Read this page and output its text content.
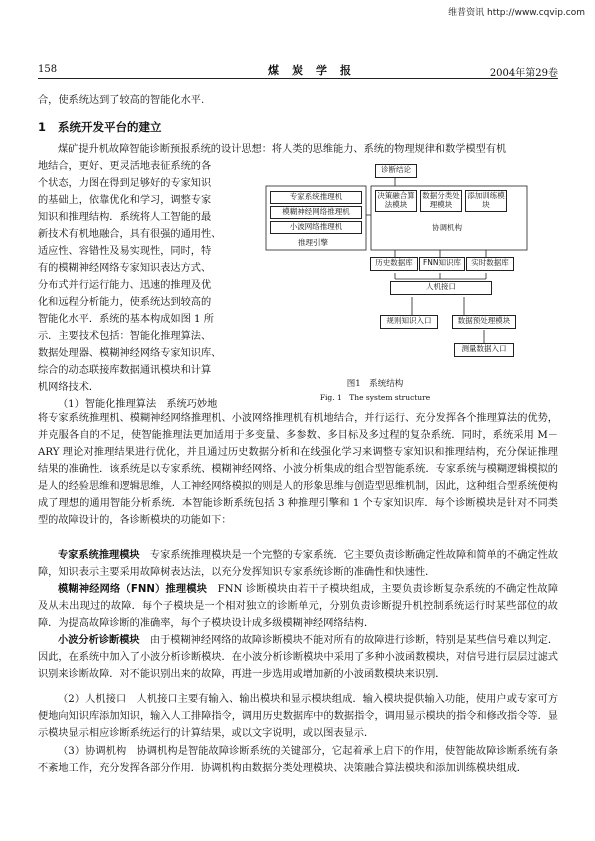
维普资讯 http://www.cqvip.com
158	煤炭学报	2004年第29卷
合，使系统达到了较高的智能化水平.
1 系统开发平台的建立
煤矿提升机故障智能诊断预报系统的设计思想：将人类的思维能力、系统的物理规律和数学模型有机
地结合，更好、更灵活地表征系统的各
个状态，力图在得到足够好的专家知识
的基础上，依靠优化和学习，调整专家
知识和推理结构．系统将人工智能的最
新技术有机地融合，具有很强的通用性、
适应性、容错性及易实现性，同时，特
有的模糊神经网络专家知识表达方式、
分布式并行运行能力、迅速的推理及优
化和远程分析能力，使系统达到较高的
智能化水平．系统的基本构成如图 1 所
示．主要技术包括：智能化推理算法、
数据处理器、模糊神经网络专家知识库、
综合的动态联接库数据通讯模块和计算
机网络技术．
（1）智能化推理算法　系统巧妙地
诊断结论
专家系统推理机
模糊神经网络推理机
小波网络推理机
推理引擎
决策融合算法模块
数据分类处理模块
添加训练模块
协调机构
历史数据库	FNN知识库	实时数据库
人机接口
规则知识入口	数据预处理模块
测量数据入口
图1　系统结构
Fig. 1　The system structure
将专家系统推理机、模糊神经网络推理机、小波网络推理机有机地结合，并行运行、充分发挥各个推理算法的优势，并克服各自的不足，使智能推理法更加适用于多变量、多参数、多目标及多过程的复杂系统．同时，系统采用 M－ARY 理论对推理结果进行优化，并且通过历史数据分析和在线强化学习来调整专家知识和推理结构，充分保证推理结果的准确性．该系统是以专家系统、模糊神经网络、小波分析集成的组合型智能系统．专家系统与模糊逻辑模拟的是人的经验思维和逻辑思维，人工神经网络模拟的则是人的形象思维与创造型思维机制，因此，这种组合型系统便构成了理想的通用智能分析系统．本智能诊断系统包括 3 种推理引擎和 1 个专家知识库．每个诊断模块是针对不同类型的故障设计的，各诊断模块的功能如下：
专家系统推理模块　 专家系统推理模块是一个完整的专家系统．它主要负责诊断确定性故障和简单的不确定性故障，知识表示主要采用故障树表达法，以充分发挥知识专家系统诊断的准确性和快速性．
模糊神经网络（FNN）推理模块　 FNN 诊断模块由若干子模块组成，主要负责诊断复杂系统的不确定性故障及从未出现过的故障．每个子模块是一个相对独立的诊断单元，分别负责诊断提升机控制系统运行时某些部位的故障．为提高故障诊断的准确率，每个子模块设计成多级模糊神经网络结构．
小波分析诊断模块　 由于模糊神经网络的故障诊断模块不能对所有的故障进行诊断，特别是某些信号难以判定．因此，在系统中加入了小波分析诊断模块．在小波分析诊断模块中采用了多种小波函数模块，对信号进行层层过滤式识别来诊断故障．对不能识别出来的故障，再进一步选用或增加新的小波函数模块来识别．
（2）人机接口　 人机接口主要有输入、输出模块和显示模块组成．输入模块提供输入功能，使用户或专家可方便地向知识库添加知识，输入人工排障指令，调用历史数据库中的数据指令，调用显示模块的指令和修改指令等．显示模块显示相应诊断系统运行的计算结果，或以文字说明，或以图表显示．
（3）协调机构　 协调机构是智能故障诊断系统的关键部分，它起着承上启下的作用，使智能故障诊断系统有条不紊地工作，充分发挥各部分作用．协调机构由数据分类处理模块、决策融合算法模块和添加训练模块组成．
